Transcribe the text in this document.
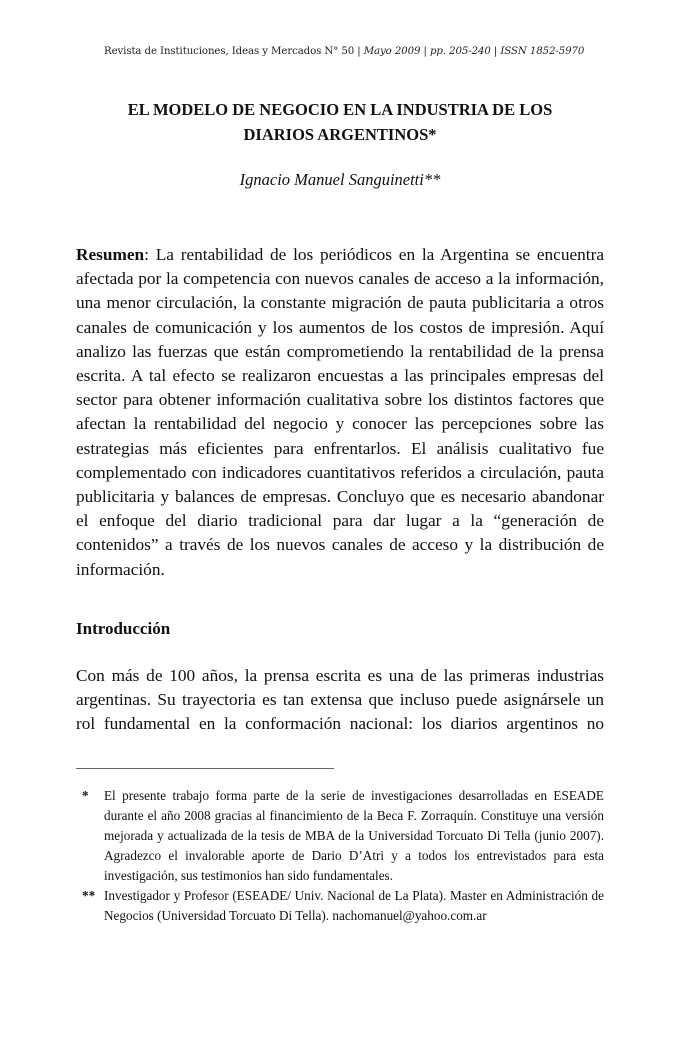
Revista de Instituciones, Ideas y Mercados N° 50 | Mayo 2009 | pp. 205-240 | ISSN 1852-5970
EL MODELO DE NEGOCIO EN LA INDUSTRIA DE LOS
DIARIOS ARGENTINOS*
Ignacio Manuel Sanguinetti**
Resumen: La rentabilidad de los periódicos en la Argentina se encuentra afectada por la competencia con nuevos canales de acceso a la información, una menor circulación, la constante migración de pauta publicitaria a otros canales de comunicación y los aumentos de los costos de impresión. Aquí analizo las fuerzas que están comprometiendo la rentabilidad de la prensa escrita. A tal efecto se realizaron encuestas a las principales empresas del sector para obtener información cualitativa sobre los distintos factores que afectan la rentabilidad del negocio y conocer las percepciones sobre las estrategias más eficientes para enfrentarlos. El análisis cualitativo fue complementado con indicadores cuantitativos referidos a circulación, pauta publicitaria y balances de empresas. Concluyo que es necesario abandonar el enfoque del diario tradicional para dar lugar a la “generación de contenidos” a través de los nuevos canales de acceso y la distribución de información.
Introducción
Con más de 100 años, la prensa escrita es una de las primeras industrias argentinas. Su trayectoria es tan extensa que incluso puede asignársele un rol fundamental en la conformación nacional: los diarios argentinos no
*	El presente trabajo forma parte de la serie de investigaciones desarrolladas en ESEADE durante el año 2008 gracias al financimiento de la Beca F. Zorraquín. Constituye una versión mejorada y actualizada de la tesis de MBA de la Universidad Torcuato Di Tella (junio 2007). Agradezco el invalorable aporte de Dario D’Atri y a todos los entrevistados para esta investigación, sus testimonios han sido fundamentales.
** Investigador y Profesor (ESEADE/ Univ. Nacional de La Plata). Master en Administración de Negocios (Universidad Torcuato Di Tella). nachomanuel@yahoo.com.ar
